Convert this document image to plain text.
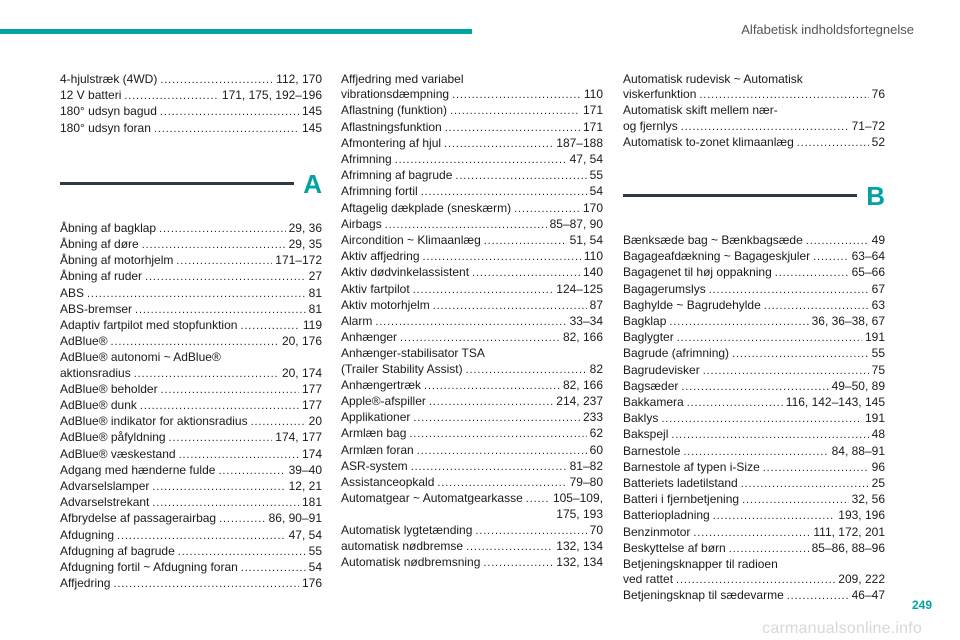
Alfabetisk indholdsfortegnelse
4-hjulstræk (4WD) . . .	112, 170
12 V batteri . . .	171, 175, 192–196
180° udsyn bagud . . .	145
180° udsyn foran . . .	145
A
Åbning af bagklap . . .	29, 36
Åbning af døre . . .	29, 35
Åbning af motorhjelm . . .	171–172
Åbning af ruder . . .	27
ABS . . .	81
ABS-bremser . . .	81
Adaptiv fartpilot med stopfunktion . . .	119
AdBlue® . . .	20, 176
AdBlue® autonomi ~ AdBlue®
aktionsradius . . .	20, 174
AdBlue® beholder . . .	177
AdBlue® dunk . . .	177
AdBlue® indikator for aktionsradius . . .	20
AdBlue® påfyldning . . .	174, 177
AdBlue® væskestand . . .	174
Adgang med hænderne fulde . . .	39–40
Advarselslamper . . .	12, 21
Advarselstrekant . . .	181
Afbrydelse af passagerairbag . . .	86, 90–91
Afdugning . . .	47, 54
Afdugning af bagrude . . .	55
Afdugning fortil ~ Afdugning foran . . .	54
Affjedring . . .	176
Affjedring med variabel
vibrationsdæmpning . . .	110
Aflastning (funktion) . . .	171
Aflastningsfunktion . . .	171
Afmontering af hjul . . .	187–188
Afrimning . . .	47, 54
Afrimning af bagrude . . .	55
Afrimning fortil . . .	54
Aftagelig dækplade (sneskærm) . . .	170
Airbags . . .	85–87, 90
Aircondition ~ Klimaanlæg . . .	51, 54
Aktiv affjedring . . .	110
Aktiv dødvinkelassistent . . .	140
Aktiv fartpilot . . .	124–125
Aktiv motorhjelm . . .	87
Alarm . . .	33–34
Anhænger . . .	82, 166
Anhænger-stabilisator TSA
(Trailer Stability Assist) . . .	82
Anhængertræk . . .	82, 166
Apple®-afspiller . . .	214, 237
Applikationer . . .	233
Armlæn bag . . .	62
Armlæn foran . . .	60
ASR-system . . .	81–82
Assistanceopkald . . .	79–80
Automatgear ~ Automatgearkasse . . .	105–109,
175, 193
Automatisk lygtetænding . . .	70
automatisk nødbremse . . .	132, 134
Automatisk nødbremsning . . .	132, 134
Automatisk rudevisk ~ Automatisk
viskerfunktion . . .	76
Automatisk skift mellem nær-
og fjernlys . . .	71–72
Automatisk to-zonet klimaanlæg . . .	52
B
Bænksæde bag ~ Bænkbagsæde . . .	49
Bagageafdækning ~ Bagageskjuler . . .	63–64
Bagagenet til høj oppakning . . .	65–66
Bagagerumslys . . .	67
Baghylde ~ Bagrudehylde . . .	63
Bagklap . . .	36, 36–38, 67
Baglygter . . .	191
Bagrude (afrimning) . . .	55
Bagrudevisker . . .	75
Bagsæder . . .	49–50, 89
Bakkamera . . .	116, 142–143, 145
Baklys . . .	191
Bakspejl . . .	48
Barnestole . . .	84, 88–91
Barnestole af typen i-Size . . .	96
Batteriets ladetilstand . . .	25
Batteri i fjernbetjening . . .	32, 56
Batteriopladning . . .	193, 196
Benzinmotor . . .	111, 172, 201
Beskyttelse af børn . . .	85–86, 88–96
Betjeningsknapper til radioen
ved rattet . . .	209, 222
Betjeningsknap til sædevarme . . .	46–47
249
carmanualsonline.info
